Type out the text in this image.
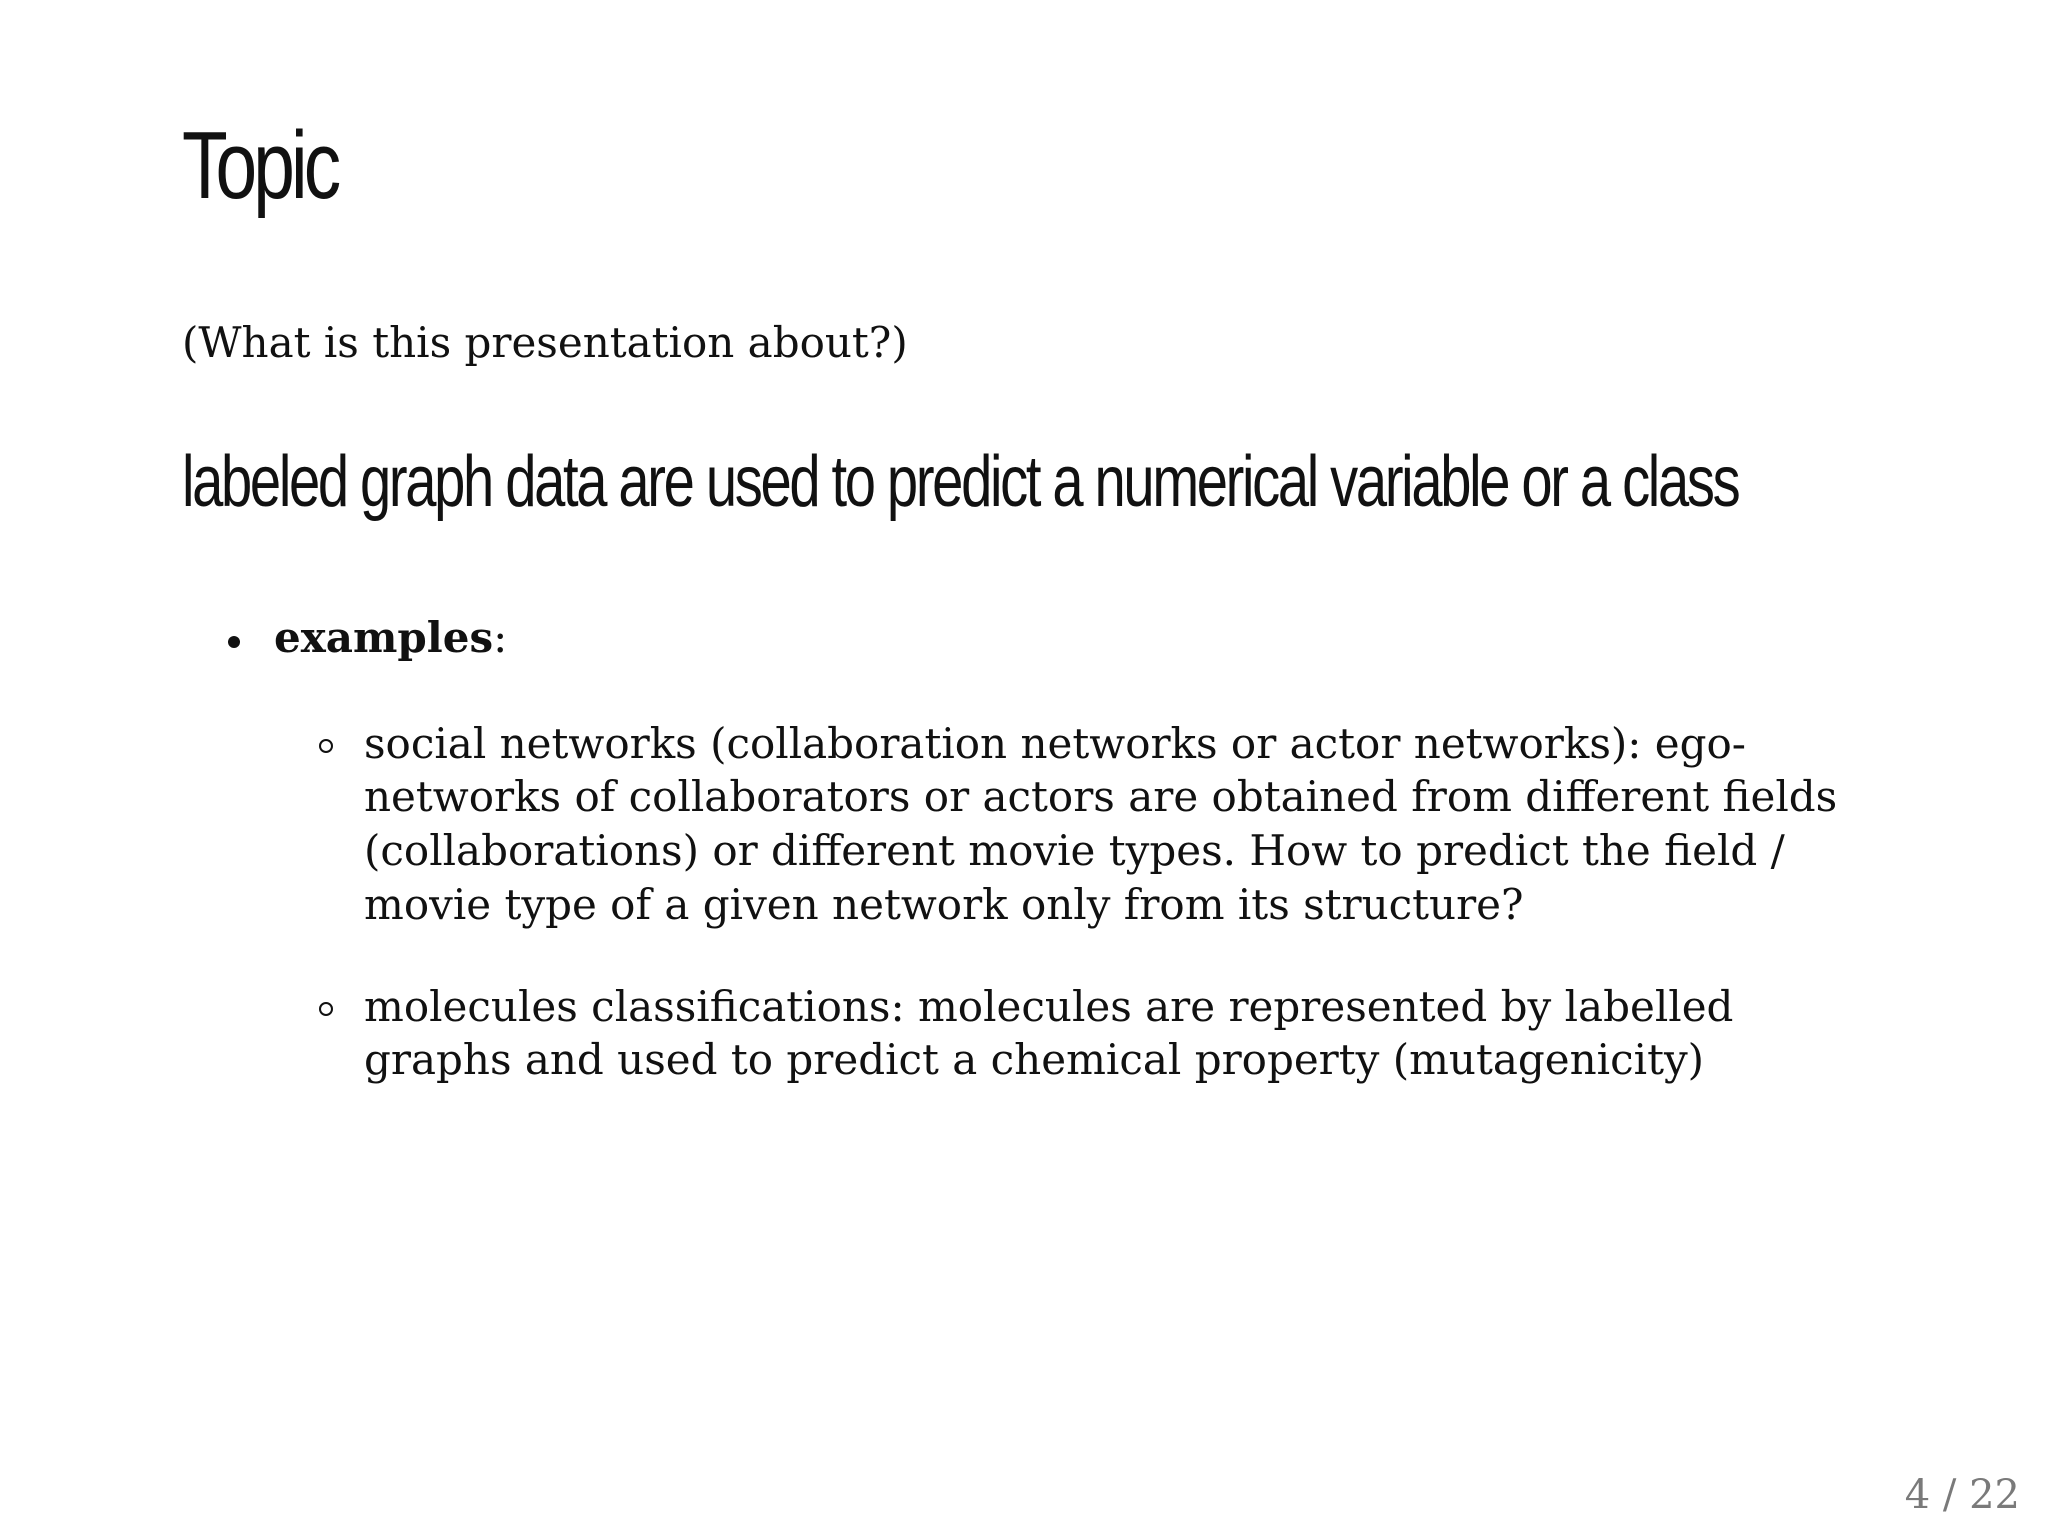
Topic

(What is this presentation about?)

labeled graph data are used to predict a numerical variable or a class
examples:
social networks (collaboration networks or actor networks): ego-networks of collaborators or actors are obtained from different fields (collaborations) or different movie types. How to predict the field / movie type of a given network only from its structure?
molecules classifications: molecules are represented by labelled graphs and used to predict a chemical property (mutagenicity)

4 / 22
